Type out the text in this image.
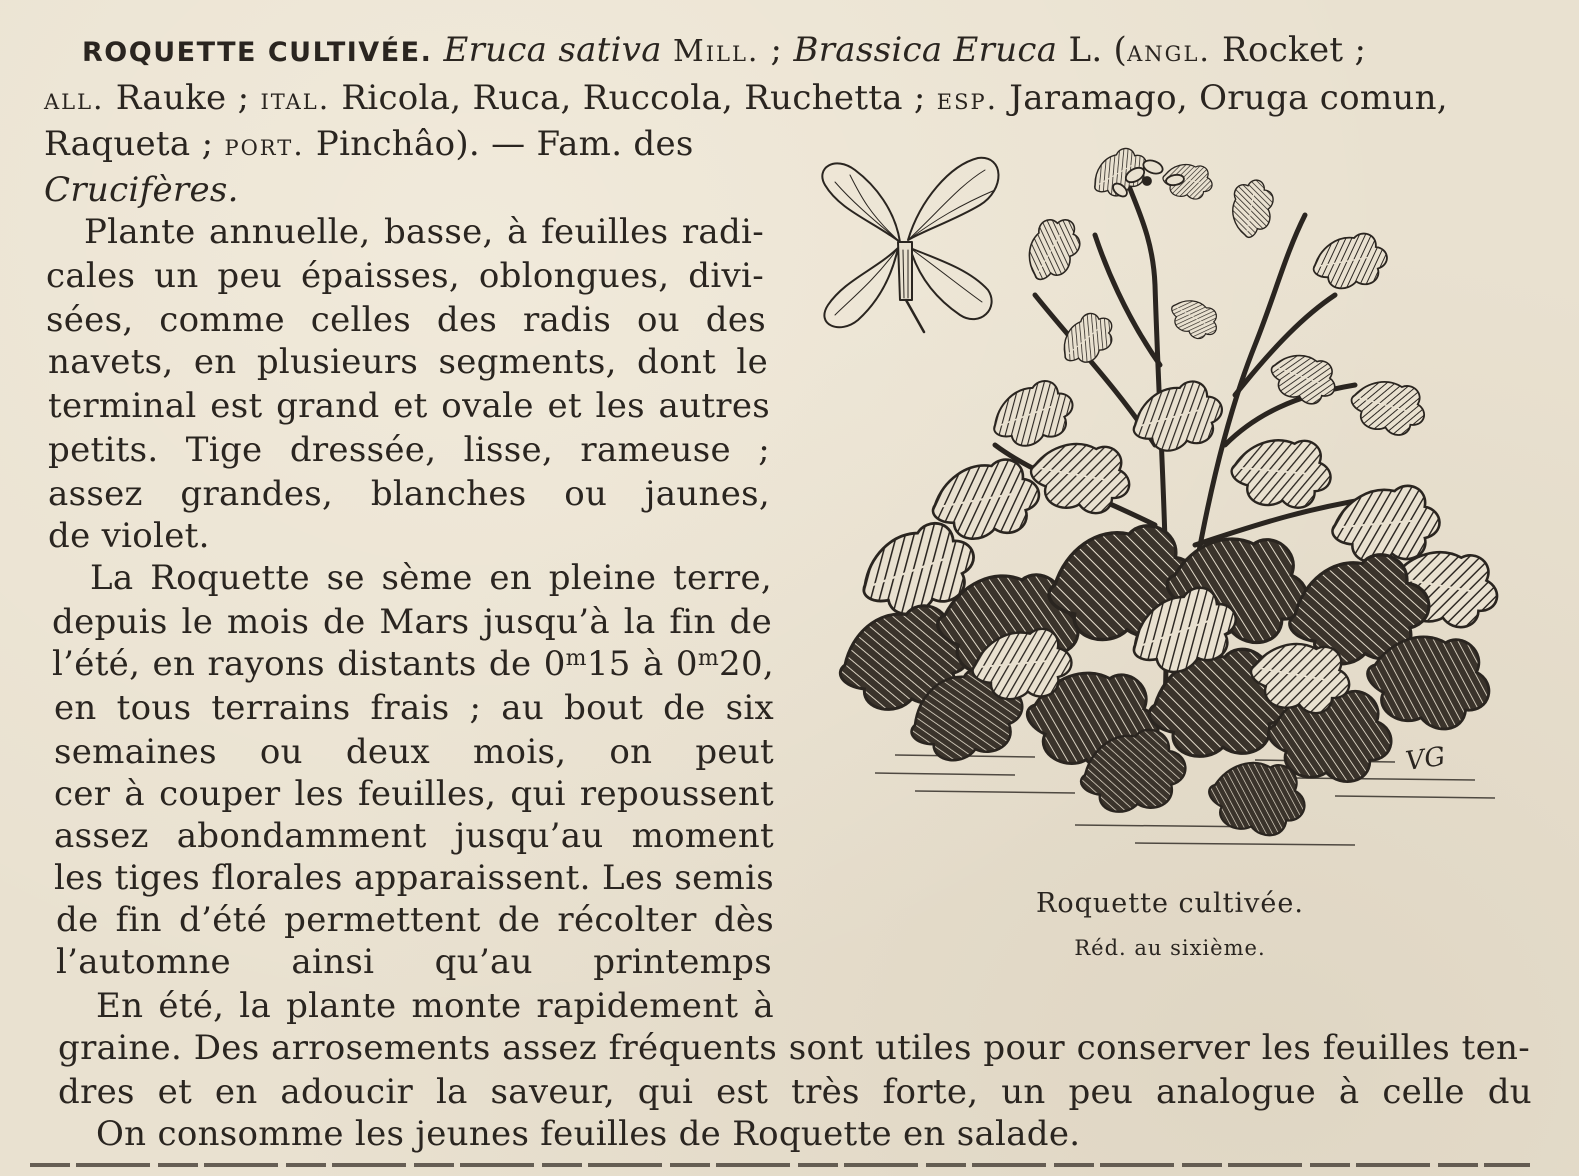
ROQUETTE CULTIVÉE. Eruca sativa Mill. ; Brassica Eruca L. (angl. Rocket ;
all. Rauke ; ital. Ricola, Ruca, Ruccola, Ruchetta ; esp. Jaramago, Oruga comun,
Raqueta ; port. Pinchâo). — Fam. des
Crucifères.
Plante annuelle, basse, à feuilles radi-
cales un peu épaisses, oblongues, divi-
sées, comme celles des radis ou des
navets, en plusieurs segments, dont le
terminal est grand et ovale et les autres
petits. Tige dressée, lisse, rameuse ;
assez grandes, blanches ou jaunes,
de violet.
La Roquette se sème en pleine terre,
depuis le mois de Mars jusqu’à la fin de
l’été, en rayons distants de 0$^m$15 à 0$^m$20,
en tous terrains frais ; au bout de six
semaines ou deux mois, on peut
cer à couper les feuilles, qui repoussent
assez abondamment jusqu’au moment
les tiges florales apparaissent. Les semis
de fin d’été permettent de récolter dès
l’automne ainsi qu’au printemps
En été, la plante monte rapidement à
graine. Des arrosements assez fréquents sont utiles pour conserver les feuilles ten-
dres et en adoucir la saveur, qui est très forte, un peu analogue à celle du
On consomme les jeunes feuilles de Roquette en salade.
VG
Roquette cultivée.
Réd. au sixième.
